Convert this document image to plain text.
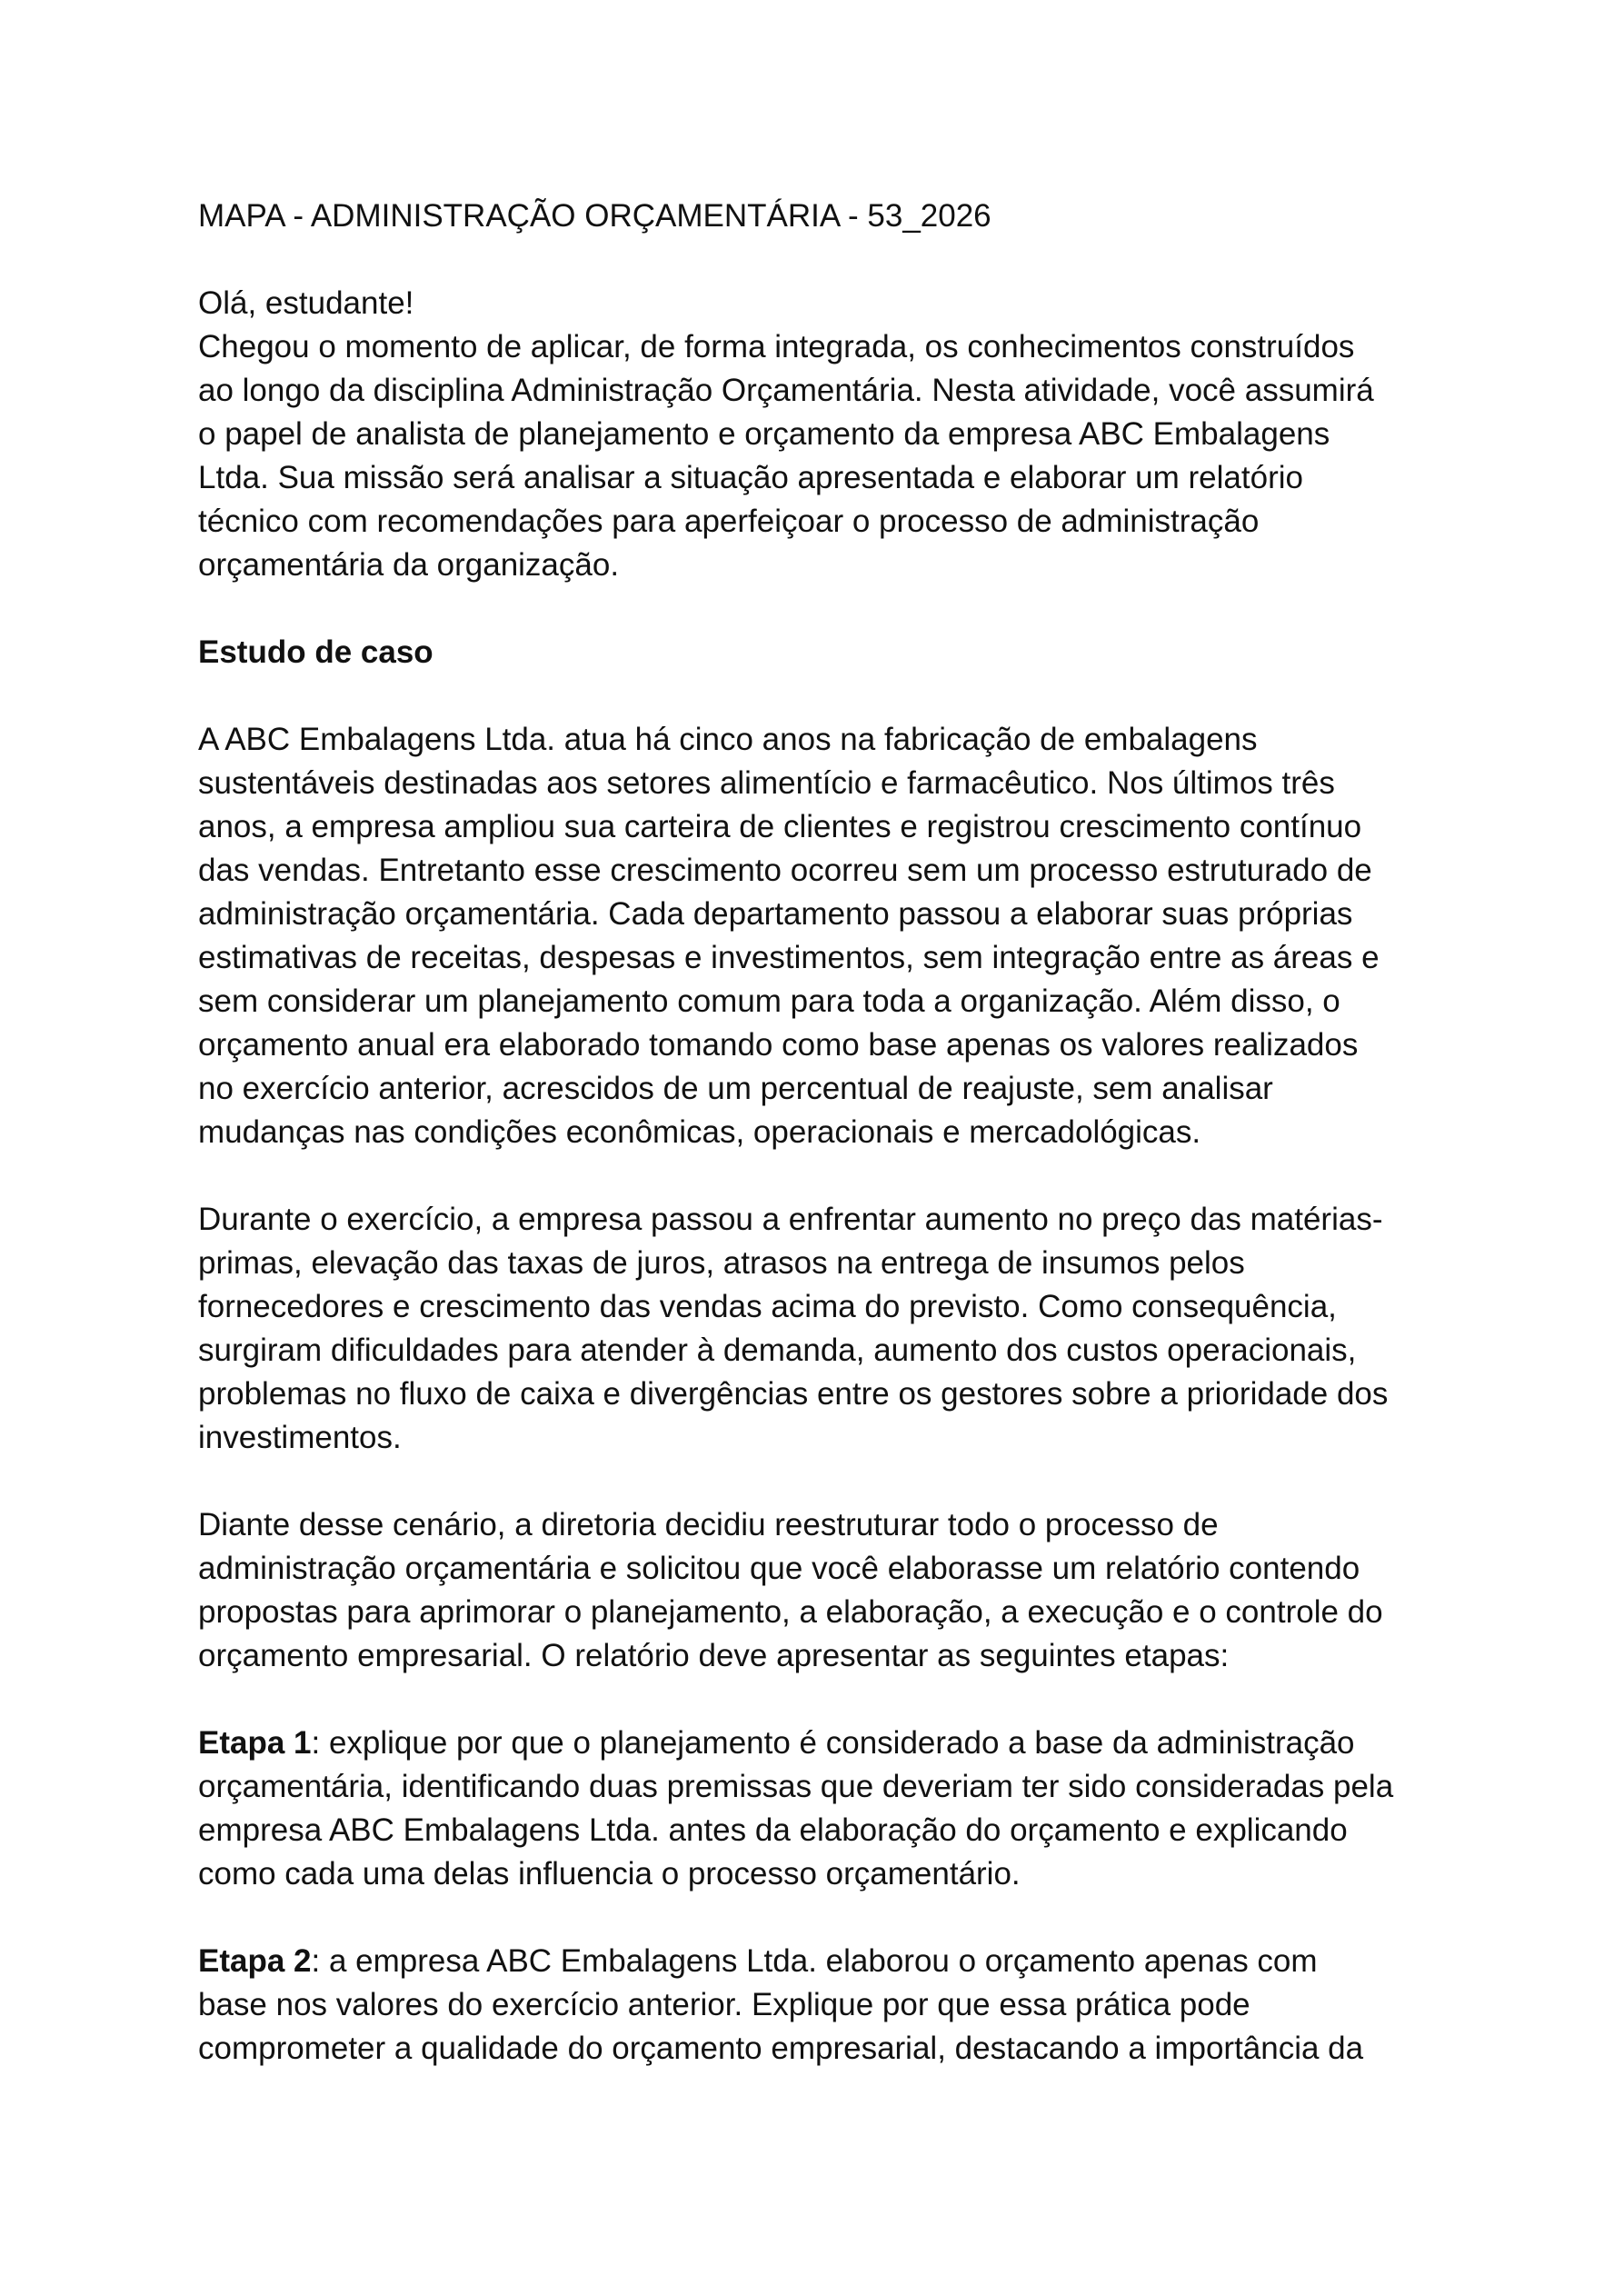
MAPA - ADMINISTRAÇÃO ORÇAMENTÁRIA - 53_2026

Olá, estudante!

Chegou o momento de aplicar, de forma integrada, os conhecimentos construídos
ao longo da disciplina Administração Orçamentária. Nesta atividade, você assumirá
o papel de analista de planejamento e orçamento da empresa ABC Embalagens
Ltda. Sua missão será analisar a situação apresentada e elaborar um relatório
técnico com recomendações para aperfeiçoar o processo de administração
orçamentária da organização.

Estudo de caso

A ABC Embalagens Ltda. atua há cinco anos na fabricação de embalagens
sustentáveis destinadas aos setores alimentício e farmacêutico. Nos últimos três
anos, a empresa ampliou sua carteira de clientes e registrou crescimento contínuo
das vendas. Entretanto esse crescimento ocorreu sem um processo estruturado de
administração orçamentária. Cada departamento passou a elaborar suas próprias
estimativas de receitas, despesas e investimentos, sem integração entre as áreas e
sem considerar um planejamento comum para toda a organização. Além disso, o
orçamento anual era elaborado tomando como base apenas os valores realizados
no exercício anterior, acrescidos de um percentual de reajuste, sem analisar
mudanças nas condições econômicas, operacionais e mercadológicas.

Durante o exercício, a empresa passou a enfrentar aumento no preço das matérias-
primas, elevação das taxas de juros, atrasos na entrega de insumos pelos
fornecedores e crescimento das vendas acima do previsto. Como consequência,
surgiram dificuldades para atender à demanda, aumento dos custos operacionais,
problemas no fluxo de caixa e divergências entre os gestores sobre a prioridade dos
investimentos.

Diante desse cenário, a diretoria decidiu reestruturar todo o processo de
administração orçamentária e solicitou que você elaborasse um relatório contendo
propostas para aprimorar o planejamento, a elaboração, a execução e o controle do
orçamento empresarial. O relatório deve apresentar as seguintes etapas:

Etapa 1: explique por que o planejamento é considerado a base da administração
orçamentária, identificando duas premissas que deveriam ter sido consideradas pela
empresa ABC Embalagens Ltda. antes da elaboração do orçamento e explicando
como cada uma delas influencia o processo orçamentário.

Etapa 2: a empresa ABC Embalagens Ltda. elaborou o orçamento apenas com
base nos valores do exercício anterior. Explique por que essa prática pode
comprometer a qualidade do orçamento empresarial, destacando a importância da
